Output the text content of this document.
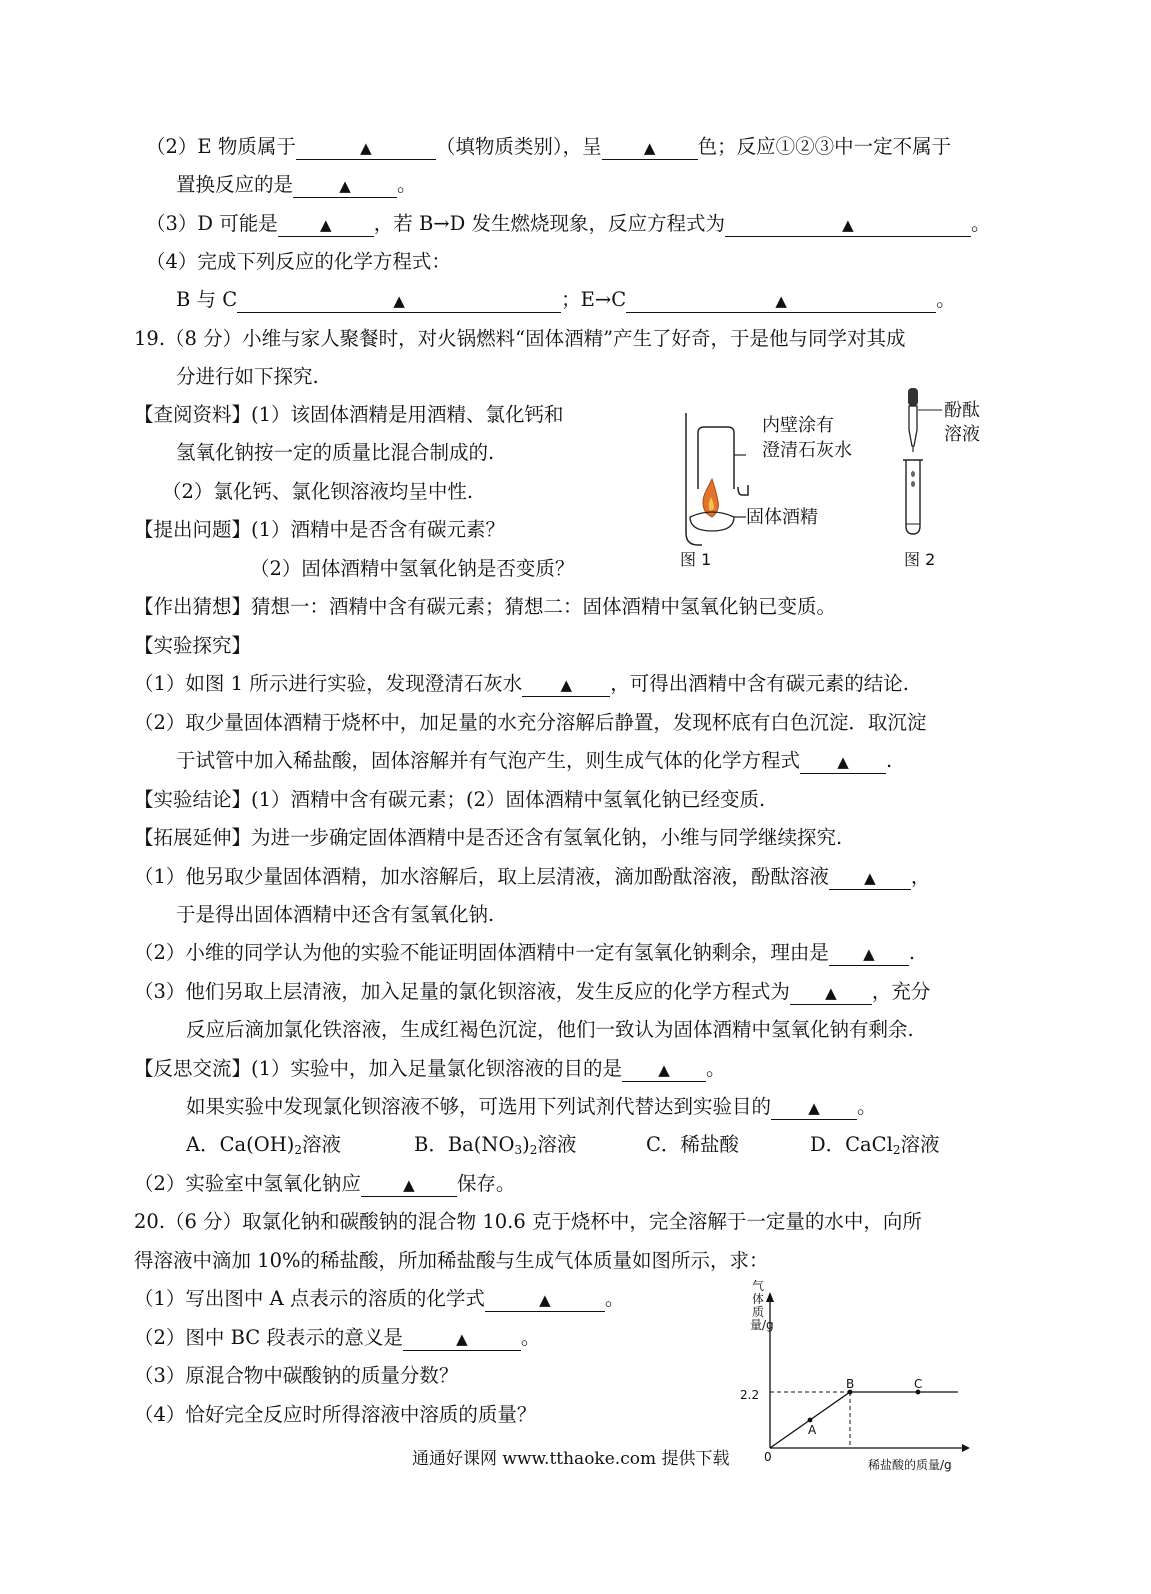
（2）E 物质属于	▲	（填物质类别），呈	▲ 色；反应①②③中一定不属于
置换反应的是	▲ 。
（3）D 可能是	▲ ，若 B→D 发生燃烧现象，反应方程式为	▲	。
（4）完成下列反应的化学方程式：
B 与 C	▲	；E→C	▲	。
19.（8 分）小维与家人聚餐时，对火锅燃料“固体酒精”产生了好奇，于是他与同学对其成
分进行如下探究.
【查阅资料】(1）该固体酒精是用酒精、氯化钙和
氢氧化钠按一定的质量比混合制成的.
（2）氯化钙、氯化钡溶液均呈中性.
【提出问题】(1）酒精中是否含有碳元素？
（2）固体酒精中氢氧化钠是否变质？
内壁涂有
澄清石灰水
固体酒精
图 1
酚酞
溶液
图 2
【作出猜想】猜想一：酒精中含有碳元素；猜想二：固体酒精中氢氧化钠已变质。
【实验探究】
（1）如图 1 所示进行实验，发现澄清石灰水	▲ ，可得出酒精中含有碳元素的结论.
（2）取少量固体酒精于烧杯中，加足量的水充分溶解后静置，发现杯底有白色沉淀．取沉淀
于试管中加入稀盐酸，固体溶解并有气泡产生，则生成气体的化学方程式 ▲ .
【实验结论】(1）酒精中含有碳元素；(2）固体酒精中氢氧化钠已经变质.
【拓展延伸】为进一步确定固体酒精中是否还含有氢氧化钠，小维与同学继续探究.
（1）他另取少量固体酒精，加水溶解后，取上层清液，滴加酚酞溶液，酚酞溶液 ▲ ，
于是得出固体酒精中还含有氢氧化钠.
（2）小维的同学认为他的实验不能证明固体酒精中一定有氢氧化钠剩余，理由是 ▲ .
（3）他们另取上层清液，加入足量的氯化钡溶液，发生反应的化学方程式为 ▲ ，充分
反应后滴加氯化铁溶液，生成红褐色沉淀，他们一致认为固体酒精中氢氧化钠有剩余.
【反思交流】(1）实验中，加入足量氯化钡溶液的目的是 ▲ 。
如果实验中发现氯化钡溶液不够，可选用下列试剂代替达到实验目的 ▲ 。
A．$Ca(OH)_2$溶液	B．$Ba(NO_3)_2$溶液	C．稀盐酸	D．CaCl$_2$溶液
（2）实验室中氢氧化钠应	▲ 保存。
20.（6 分）取氯化钠和碳酸钠的混合物 10.6 克于烧杯中，完全溶解于一定量的水中，向所
得溶液中滴加 10%的稀盐酸，所加稀盐酸与生成气体质量如图所示，求：
（1）写出图中 A 点表示的溶质的化学式	▲	。
（2）图中 BC 段表示的意义是	▲	。
（3）原混合物中碳酸钠的质量分数？
（4）恰好完全反应时所得溶液中溶质的质量？
气体质量/g
2.2
0
稀盐酸的质量/g
A
B	C
通通好课网 www.tthaoke.com 提供下载
